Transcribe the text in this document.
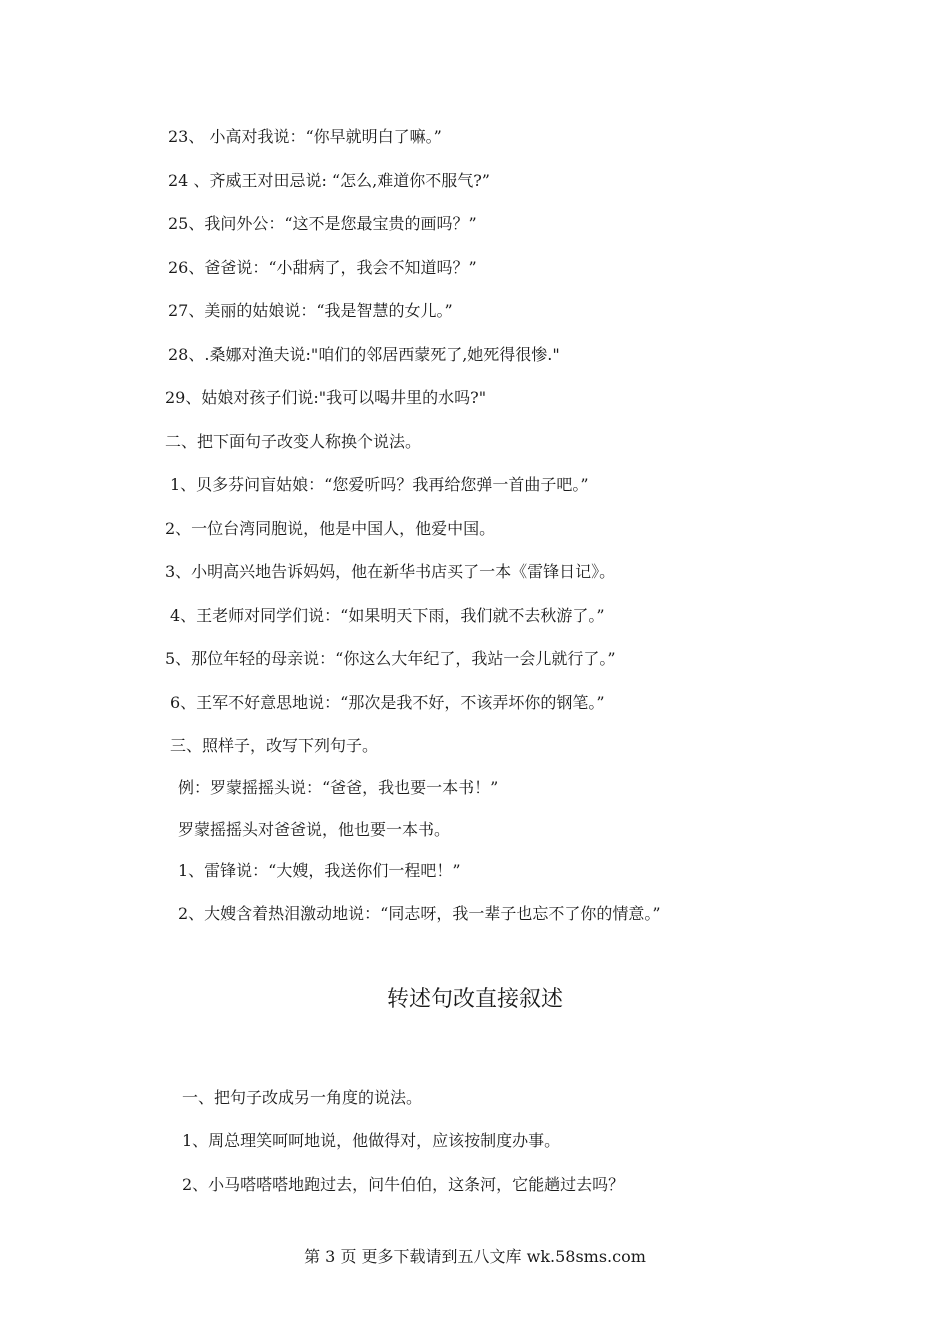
23、 小高对我说：“你早就明白了嘛。”
24 、齐威王对田忌说: “怎么,难道你不服气?”
25、我问外公：“这不是您最宝贵的画吗？”
26、爸爸说：“小甜病了，我会不知道吗？”
27、美丽的姑娘说：“我是智慧的女儿。”
28、.桑娜对渔夫说:"咱们的邻居西蒙死了,她死得很惨."
29、姑娘对孩子们说:"我可以喝井里的水吗?"
二、把下面句子改变人称换个说法。
1、贝多芬问盲姑娘：“您爱听吗？我再给您弹一首曲子吧。”
2、一位台湾同胞说，他是中国人，他爱中国。
3、小明高兴地告诉妈妈，他在新华书店买了一本《雷锋日记》。
4、王老师对同学们说：“如果明天下雨，我们就不去秋游了。”
5、那位年轻的母亲说：“你这么大年纪了，我站一会儿就行了。”
6、王军不好意思地说：“那次是我不好，不该弄坏你的钢笔。”
三、照样子，改写下列句子。
例：罗蒙摇摇头说：“爸爸，我也要一本书！”
罗蒙摇摇头对爸爸说，他也要一本书。
1、雷锋说：“大嫂，我送你们一程吧！”
2、大嫂含着热泪激动地说：“同志呀，我一辈子也忘不了你的情意。”
转述句改直接叙述
一、把句子改成另一角度的说法。
1、周总理笑呵呵地说，他做得对，应该按制度办事。
2、小马嗒嗒嗒地跑过去，问牛伯伯，这条河，它能趟过去吗？
第 3 页 更多下载请到五八文库 wk.58sms.com
